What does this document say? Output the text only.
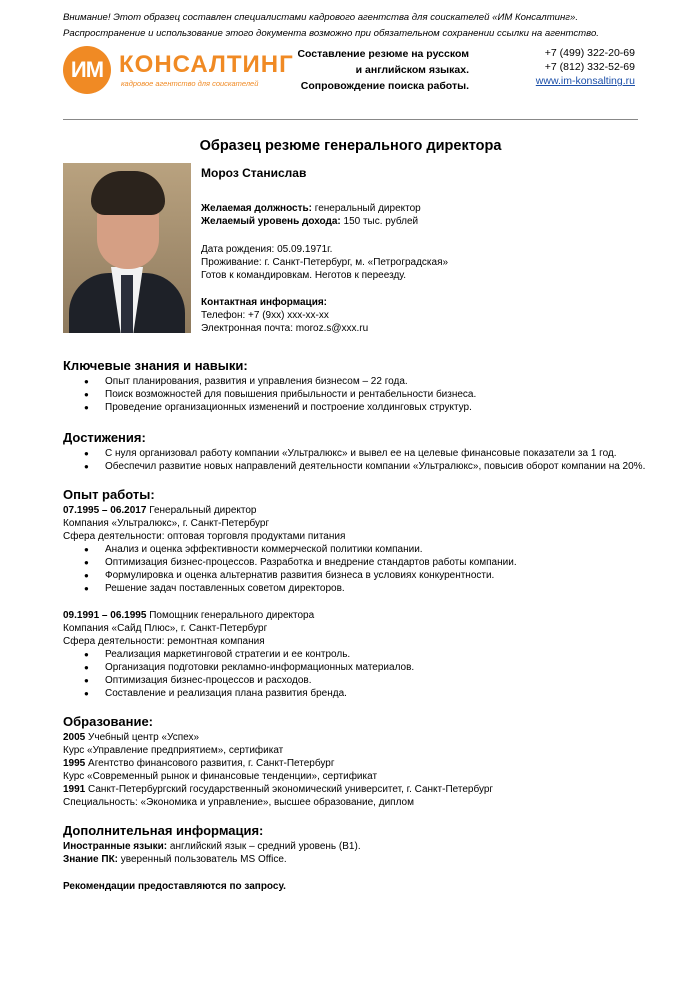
Внимание! Этот образец составлен специалистами кадрового агентства для соискателей «ИМ Консалтинг».
Распространение и использование этого документа возможно при обязательном сохранении ссылки на агентство.
ИМ КОНСАЛТИНГ
кадровое агентство для соискателей
Составление резюме на русском
и английском языках.
Сопровождение поиска работы.
+7 (499) 322-20-69
+7 (812) 332-52-69
www.im-konsalting.ru
Образец резюме генерального директора
Мороз Станислав
Желаемая должность: генеральный директор
Желаемый уровень дохода: 150 тыс. рублей
Дата рождения: 05.09.1971г.
Проживание: г. Санкт-Петербург, м. «Петроградская»
Готов к командировкам. Неготов к переезду.
Контактная информация:
Телефон: +7 (9хх) ххх-хх-хх
Электронная почта: moroz.s@xxx.ru
Ключевые знания и навыки:
● Опыт планирования, развития и управления бизнесом – 22 года.
● Поиск возможностей для повышения прибыльности и рентабельности бизнеса.
● Проведение организационных изменений и построение холдинговых структур.
Достижения:
● С нуля организовал работу компании «Ультралюкс» и вывел ее на целевые финансовые показатели за 1 год.
● Обеспечил развитие новых направлений деятельности компании «Ультралюкс», повысив оборот компании на 20%.
Опыт работы:
07.1995 – 06.2017 Генеральный директор
Компания «Ультралюкс», г. Санкт-Петербург
Сфера деятельности: оптовая торговля продуктами питания
● Анализ и оценка эффективности коммерческой политики компании.
● Оптимизация бизнес-процессов. Разработка и внедрение стандартов работы компании.
● Формулировка и оценка альтернатив развития бизнеса в условиях конкурентности.
● Решение задач поставленных советом директоров.
09.1991 – 06.1995 Помощник генерального директора
Компания «Сайд Плюс», г. Санкт-Петербург
Сфера деятельности: ремонтная компания
● Реализация маркетинговой стратегии и ее контроль.
● Организация подготовки рекламно-информационных материалов.
● Оптимизация бизнес-процессов и расходов.
● Составление и реализация плана развития бренда.
Образование:
2005 Учебный центр «Успех»
Курс «Управление предприятием», сертификат
1995 Агентство финансового развития, г. Санкт-Петербург
Курс «Современный рынок и финансовые тенденции», сертификат
1991 Санкт-Петербургский государственный экономический университет, г. Санкт-Петербург
Специальность: «Экономика и управление», высшее образование, диплом
Дополнительная информация:
Иностранные языки: английский язык – средний уровень (B1).
Знание ПК: уверенный пользователь MS Office.
Рекомендации предоставляются по запросу.
